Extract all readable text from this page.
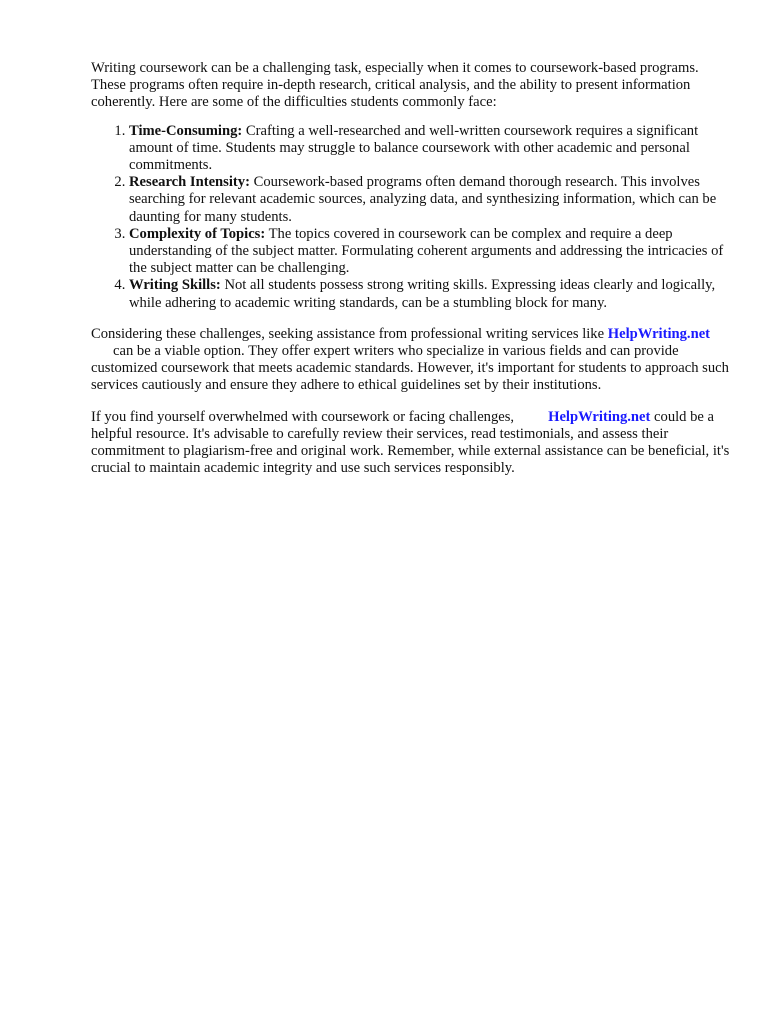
Writing coursework can be a challenging task, especially when it comes to coursework-based programs. These programs often require in-depth research, critical analysis, and the ability to present information coherently. Here are some of the difficulties students commonly face:

1. Time-Consuming: Crafting a well-researched and well-written coursework requires a significant amount of time. Students may struggle to balance coursework with other academic and personal commitments.
2. Research Intensity: Coursework-based programs often demand thorough research. This involves searching for relevant academic sources, analyzing data, and synthesizing information, which can be daunting for many students.
3. Complexity of Topics: The topics covered in coursework can be complex and require a deep understanding of the subject matter. Formulating coherent arguments and addressing the intricacies of the subject matter can be challenging.
4. Writing Skills: Not all students possess strong writing skills. Expressing ideas clearly and logically, while adhering to academic writing standards, can be a stumbling block for many.

Considering these challenges, seeking assistance from professional writing services like HelpWriting.netcan be a viable option. They offer expert writers who specialize in various fields and can provide customized coursework that meets academic standards. However, it's important for students to approach such services cautiously and ensure they adhere to ethical guidelines set by their institutions.

If you find yourself overwhelmed with coursework or facing challenges, HelpWriting.net could be a helpful resource. It's advisable to carefully review their services, read testimonials, and assess their commitment to plagiarism-free and original work. Remember, while external assistance can be beneficial, it's crucial to maintain academic integrity and use such services responsibly.
